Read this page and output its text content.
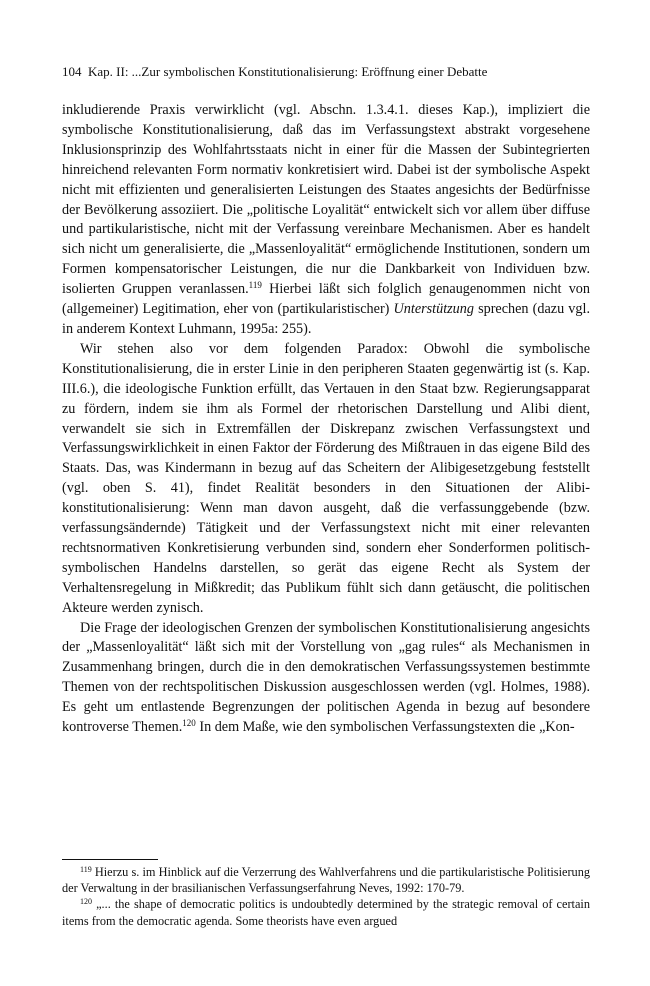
104 Kap. II: ...Zur symbolischen Konstitutionalisierung: Eröffnung einer Debatte

inkludierende Praxis verwirklicht (vgl. Abschn. 1.3.4.1. dieses Kap.), impliziert die symbolische Konstitutionalisierung, daß das im Verfassungstext abstrakt vorgesehene Inklusionsprinzip des Wohlfahrtsstaats nicht in einer für die Massen der Subintegrierten hinreichend relevanten Form normativ konkretisiert wird. Dabei ist der symbolische Aspekt nicht mit effizienten und generalisierten Leistungen des Staates angesichts der Bedürfnisse der Bevölkerung assoziiert. Die „politische Loyalität“ entwickelt sich vor allem über diffuse und partikularistische, nicht mit der Verfassung vereinbare Mechanismen. Aber es handelt sich nicht um generalisierte, die „Massenloyalität“ ermöglichende Institutionen, sondern um Formen kompensatorischer Leistungen, die nur die Dankbarkeit von Individuen bzw. isolierten Gruppen veranlassen.$^{119}$ Hierbei läßt sich folglich genaugenommen nicht von (allgemeiner) Legitimation, eher von (partikularistischer) Unterstützung sprechen (dazu vgl. in anderem Kontext Luhmann, 1995a: 255).

Wir stehen also vor dem folgenden Paradox: Obwohl die symbolische Konstitutionalisierung, die in erster Linie in den peripheren Staaten gegenwärtig ist (s. Kap. III.6.), die ideologische Funktion erfüllt, das Vertauen in den Staat bzw. Regierungsapparat zu fördern, indem sie ihm als Formel der rhetorischen Darstellung und Alibi dient, verwandelt sie sich in Extremfällen der Diskrepanz zwischen Verfassungstext und Verfassungswirklichkeit in einen Faktor der Förderung des Mißtrauen in das eigene Bild des Staats. Das, was Kindermann in bezug auf das Scheitern der Alibigesetzgebung feststellt (vgl. oben S. 41), findet Realität besonders in den Situationen der Alibi-konstitutionalisierung: Wenn man davon ausgeht, daß die verfassunggebende (bzw. verfassungsändernde) Tätigkeit und der Verfassungstext nicht mit einer relevanten rechtsnormativen Konkretisierung verbunden sind, sondern eher Sonderformen politisch-symbolischen Handelns darstellen, so gerät das eigene Recht als System der Verhaltensregelung in Mißkredit; das Publikum fühlt sich dann getäuscht, die politischen Akteure werden zynisch.

Die Frage der ideologischen Grenzen der symbolischen Konstitutionalisierung angesichts der „Massenloyalität“ läßt sich mit der Vorstellung von „gag rules“ als Mechanismen in Zusammenhang bringen, durch die in den demokratischen Verfassungssystemen bestimmte Themen von der rechtspolitischen Diskussion ausgeschlossen werden (vgl. Holmes, 1988). Es geht um entlastende Begrenzungen der politischen Agenda in bezug auf besondere kontroverse Themen.$^{120}$ In dem Maße, wie den symbolischen Verfassungstexten die „Kon-

$^{119}$ Hierzu s. im Hinblick auf die Verzerrung des Wahlverfahrens und die partikularistische Politisierung der Verwaltung in der brasilianischen Verfassungserfahrung Neves, 1992: 170-79.

$^{120}$ „... the shape of democratic politics is undoubtedly determined by the strategic removal of certain items from the democratic agenda. Some theorists have even argued
